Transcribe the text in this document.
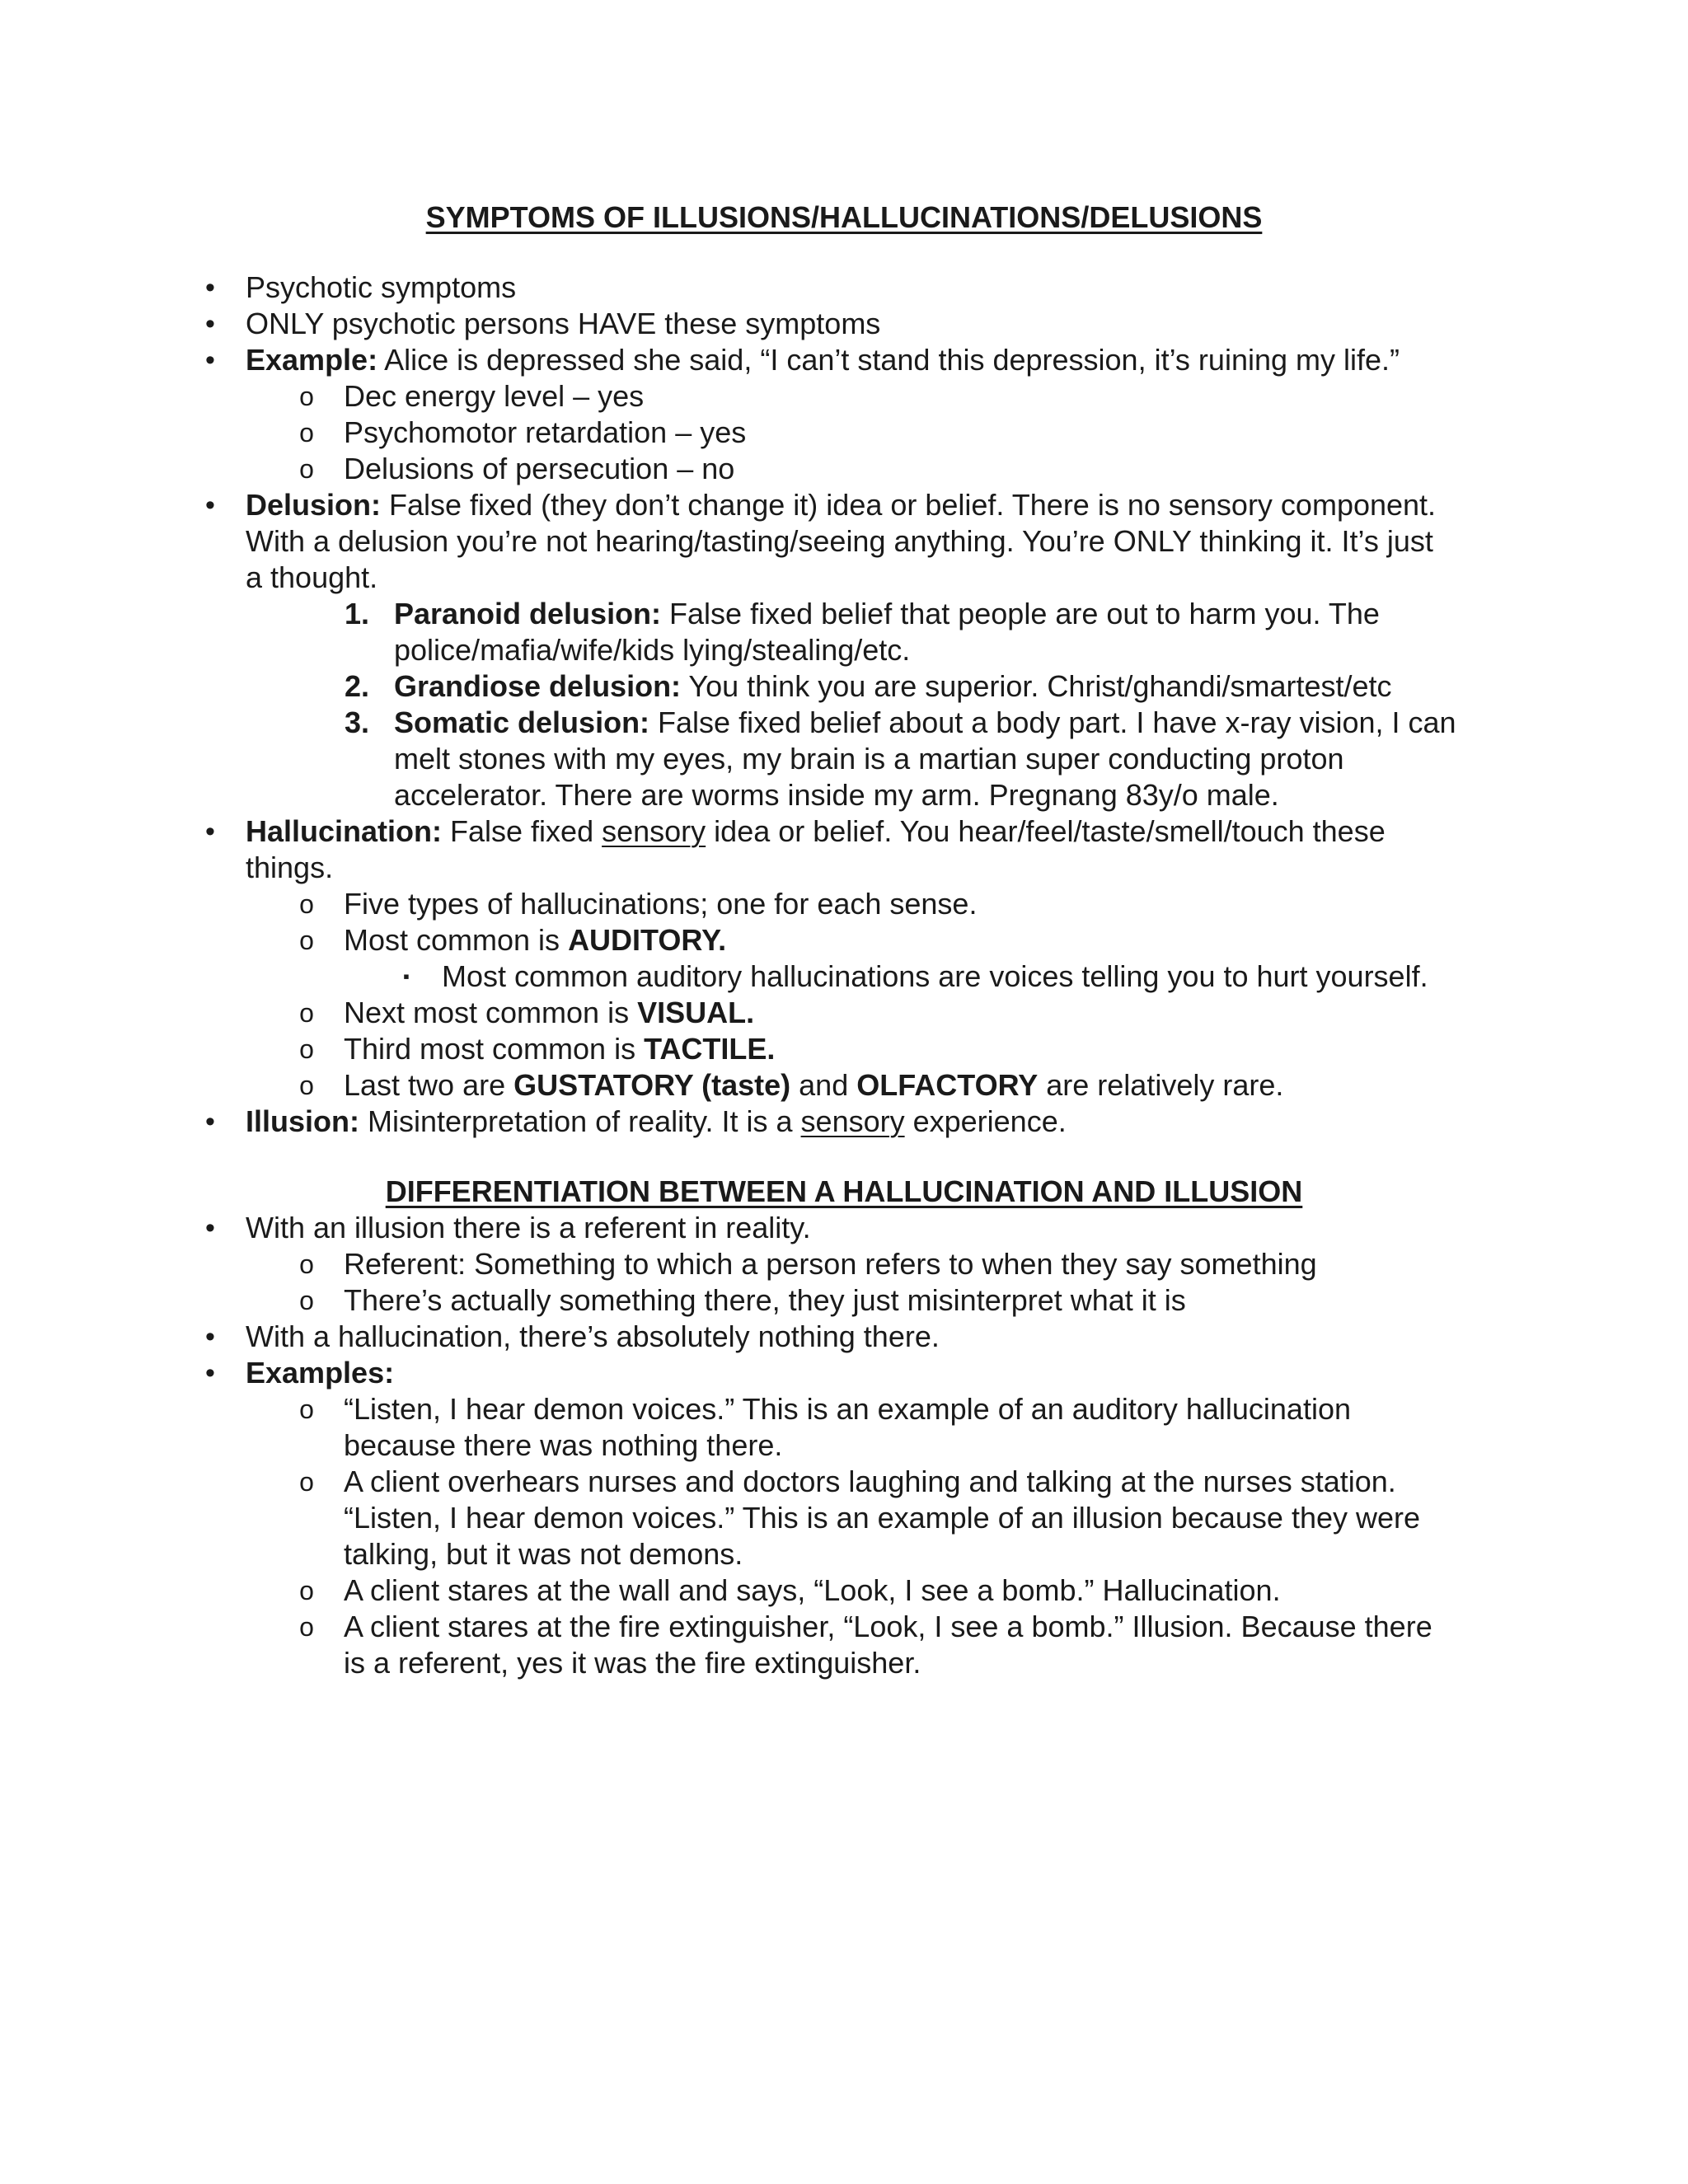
SYMPTOMS OF ILLUSIONS/HALLUCINATIONS/DELUSIONS
• Psychotic symptoms
• ONLY psychotic persons HAVE these symptoms
• Example: Alice is depressed she said, “I can’t stand this depression, it’s ruining my life.”
o Dec energy level – yes
o Psychomotor retardation – yes
o Delusions of persecution – no
• Delusion: False fixed (they don’t change it) idea or belief. There is no sensory component.
With a delusion you’re not hearing/tasting/seeing anything. You’re ONLY thinking it. It’s just
a thought.
1. Paranoid delusion: False fixed belief that people are out to harm you. The
police/mafia/wife/kids lying/stealing/etc.
2. Grandiose delusion: You think you are superior. Christ/ghandi/smartest/etc
3. Somatic delusion: False fixed belief about a body part. I have x-ray vision, I can
melt stones with my eyes, my brain is a martian super conducting proton
accelerator. There are worms inside my arm. Pregnang 83y/o male.
• Hallucination: False fixed sensory idea or belief. You hear/feel/taste/smell/touch these
things.
o Five types of hallucinations; one for each sense.
o Most common is AUDITORY.
▪	Most common auditory hallucinations are voices telling you to hurt yourself.
o Next most common is VISUAL.
o Third most common is TACTILE.
o Last two are GUSTATORY (taste) and OLFACTORY are relatively rare.
• Illusion: Misinterpretation of reality. It is a sensory experience.
DIFFERENTIATION BETWEEN A HALLUCINATION AND ILLUSION
• With an illusion there is a referent in reality.
o Referent: Something to which a person refers to when they say something
o There’s actually something there, they just misinterpret what it is
• With a hallucination, there’s absolutely nothing there.
• Examples:
o “Listen, I hear demon voices.” This is an example of an auditory hallucination
because there was nothing there.
o A client overhears nurses and doctors laughing and talking at the nurses station.
“Listen, I hear demon voices.” This is an example of an illusion because they were
talking, but it was not demons.
o A client stares at the wall and says, “Look, I see a bomb.” Hallucination.
o A client stares at the fire extinguisher, “Look, I see a bomb.” Illusion. Because there
is a referent, yes it was the fire extinguisher.
